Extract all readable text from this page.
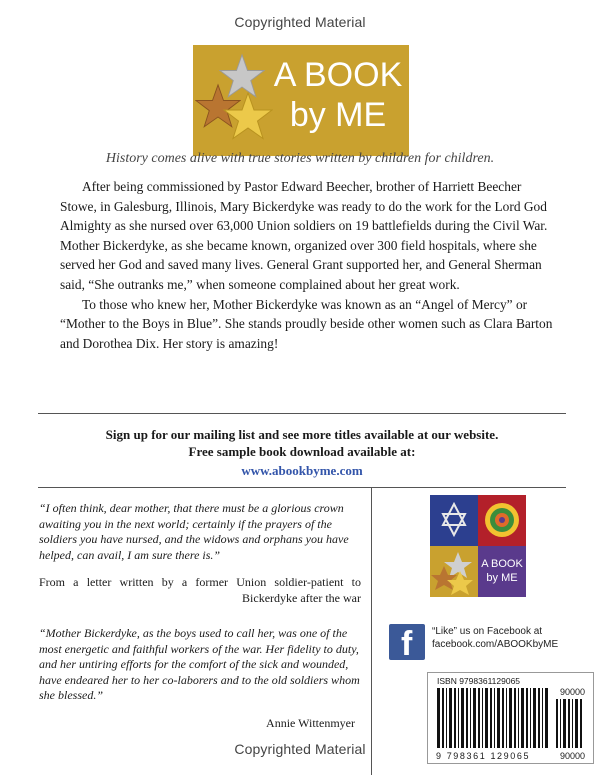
Copyrighted Material
A BOOK
by ME
History comes alive with true stories written by children for children.

After being commissioned by Pastor Edward Beecher, brother of Harriett Beecher Stowe, in Galesburg, Illinois, Mary Bickerdyke was ready to do the work for the Lord God Almighty as she nursed over 63,000 Union soldiers on 19 battlefields during the Civil War. Mother Bickerdyke, as she became known, organized over 300 field hospitals, where she served her God and saved many lives. General Grant supported her, and General Sherman said, “She outranks me,” when someone complained about her great work.

To those who knew her, Mother Bickerdyke was known as an “Angel of Mercy” or “Mother to the Boys in Blue”. She stands proudly beside other women such as Clara Barton and Dorothea Dix. Her story is amazing!

Sign up for our mailing list and see more titles available at our website.
Free sample book download available at:
www.abookbyme.com
“I often think, dear mother, that there must be a glorious crown awaiting you in the next world; certainly if the prayers of the soldiers you have nursed, and the widows and orphans you have helped, can avail, I am sure there is.”
From a letter written by a former Union soldier-patient to Bickerdyke after the war
“Mother Bickerdyke, as the boys used to call her, was one of the most energetic and faithful workers of the war. Her fidelity to duty, and her untiring efforts for the comfort of the sick and wounded, have endeared her to her co-laborers and to the old soldiers whom she blessed.”
Annie Wittenmyer
A BOOK
by ME
f “Like” us on Facebook at
facebook.com/ABOOKbyME
ISBN 9798361129065
90000
9 798361 129065	90000
Copyrighted Material
